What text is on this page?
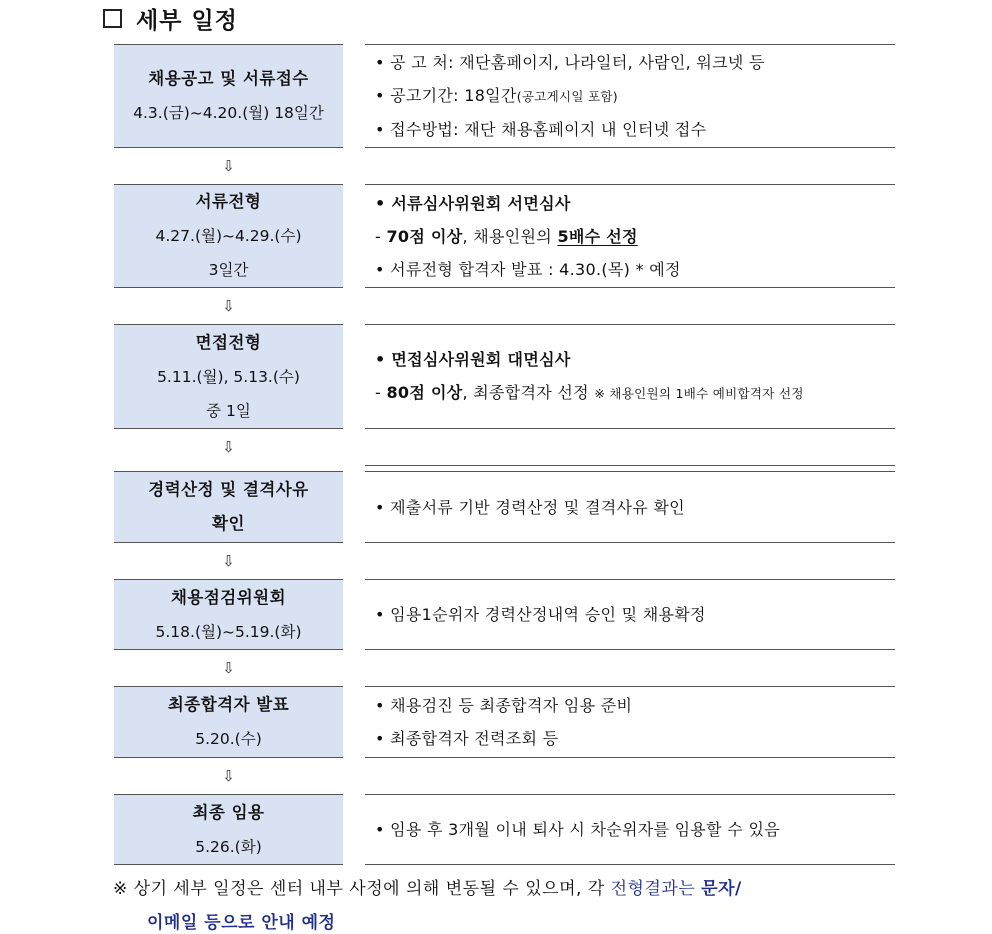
세부 일정
채용공고 및 서류접수
4.3.(금)~4.20.(월) 18일간
• 공 고 처: 재단홈페이지, 나라일터, 사람인, 워크넷 등
• 공고기간: 18일간(공고게시일 포함)
• 접수방법: 재단 채용홈페이지 내 인터넷 접수
⇩
서류전형
4.27.(월)~4.29.(수)
3일간
• 서류심사위원회 서면심사
- 70점 이상, 채용인원의 5배수 선정
• 서류전형 합격자 발표 : 4.30.(목) * 예정
⇩
면접전형
5.11.(월), 5.13.(수)
중 1일
• 면접심사위원회 대면심사
- 80점 이상, 최종합격자 선정 ※ 채용인원의 1배수 예비합격자 선정
⇩
경력산정 및 결격사유
확인
• 제출서류 기반 경력산정 및 결격사유 확인
⇩
채용점검위원회
5.18.(월)~5.19.(화)
• 임용1순위자 경력산정내역 승인 및 채용확정
⇩
최종합격자 발표
5.20.(수)
• 채용검진 등 최종합격자 임용 준비
• 최종합격자 전력조회 등
⇩
최종 임용
5.26.(화)
• 임용 후 3개월 이내 퇴사 시 차순위자를 임용할 수 있음
※ 상기 세부 일정은 센터 내부 사정에 의해 변동될 수 있으며, 각 전형결과는 문자/
이메일 등으로 안내 예정
